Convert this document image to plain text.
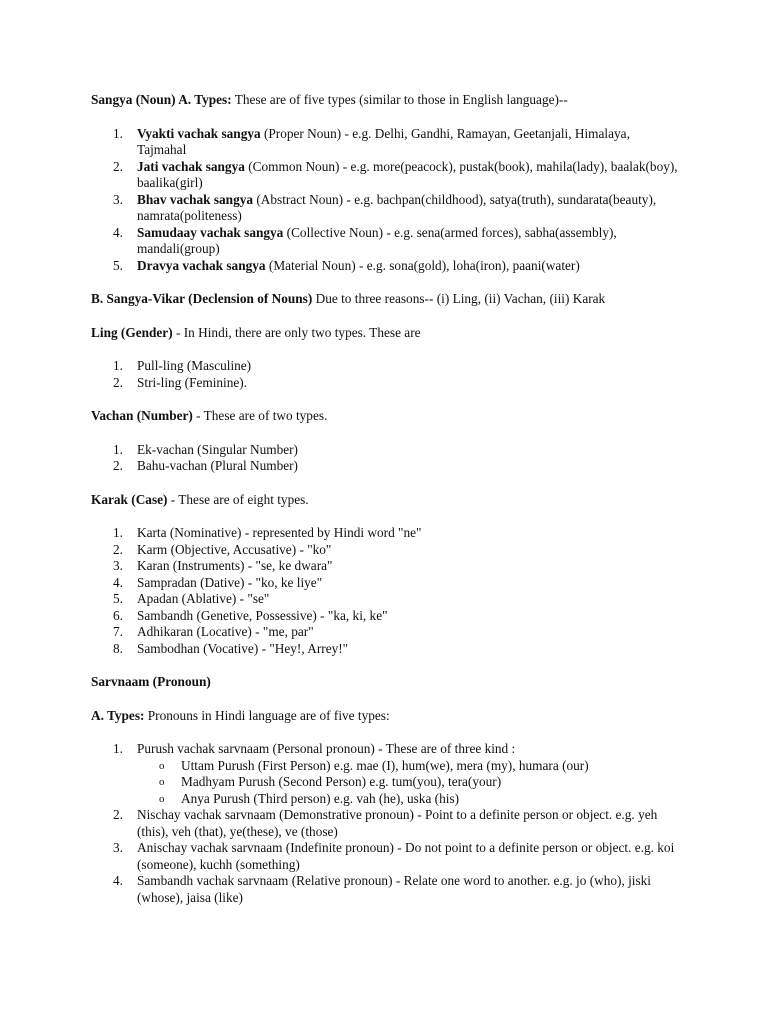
Sangya (Noun) A. Types: These are of five types (similar to those in English language)--

1. Vyakti vachak sangya (Proper Noun) - e.g. Delhi, Gandhi, Ramayan, Geetanjali, Himalaya, Tajmahal
2. Jati vachak sangya (Common Noun) - e.g. more(peacock), pustak(book), mahila(lady), baalak(boy), baalika(girl)
3. Bhav vachak sangya (Abstract Noun) - e.g. bachpan(childhood), satya(truth), sundarata(beauty), namrata(politeness)
4. Samudaay vachak sangya (Collective Noun) - e.g. sena(armed forces), sabha(assembly), mandali(group)
5. Dravya vachak sangya (Material Noun) - e.g. sona(gold), loha(iron), paani(water)

B. Sangya-Vikar (Declension of Nouns) Due to three reasons-- (i) Ling, (ii) Vachan, (iii) Karak

Ling (Gender) - In Hindi, there are only two types. These are

1. Pull-ling (Masculine)
2. Stri-ling (Feminine).

Vachan (Number) - These are of two types.

1. Ek-vachan (Singular Number)
2. Bahu-vachan (Plural Number)

Karak (Case) - These are of eight types.

1. Karta (Nominative) - represented by Hindi word "ne"
2. Karm (Objective, Accusative) - "ko"
3. Karan (Instruments) - "se, ke dwara"
4. Sampradan (Dative) - "ko, ke liye"
5. Apadan (Ablative) - "se"
6. Sambandh (Genetive, Possessive) - "ka, ki, ke"
7. Adhikaran (Locative) - "me, par"
8. Sambodhan (Vocative) - "Hey!, Arrey!"

Sarvnaam (Pronoun)

A. Types: Pronouns in Hindi language are of five types:

1. Purush vachak sarvnaam (Personal pronoun) - These are of three kind :
o Uttam Purush (First Person) e.g. mae (I), hum(we), mera (my), humara (our)
o Madhyam Purush (Second Person) e.g. tum(you), tera(your)
o Anya Purush (Third person) e.g. vah (he), uska (his)
2. Nischay vachak sarvnaam (Demonstrative pronoun) - Point to a definite person or object. e.g. yeh (this), veh (that), ye(these), ve (those)
3. Anischay vachak sarvnaam (Indefinite pronoun) - Do not point to a definite person or object. e.g. koi (someone), kuchh (something)
4. Sambandh vachak sarvnaam (Relative pronoun) - Relate one word to another. e.g. jo (who), jiski (whose), jaisa (like)
